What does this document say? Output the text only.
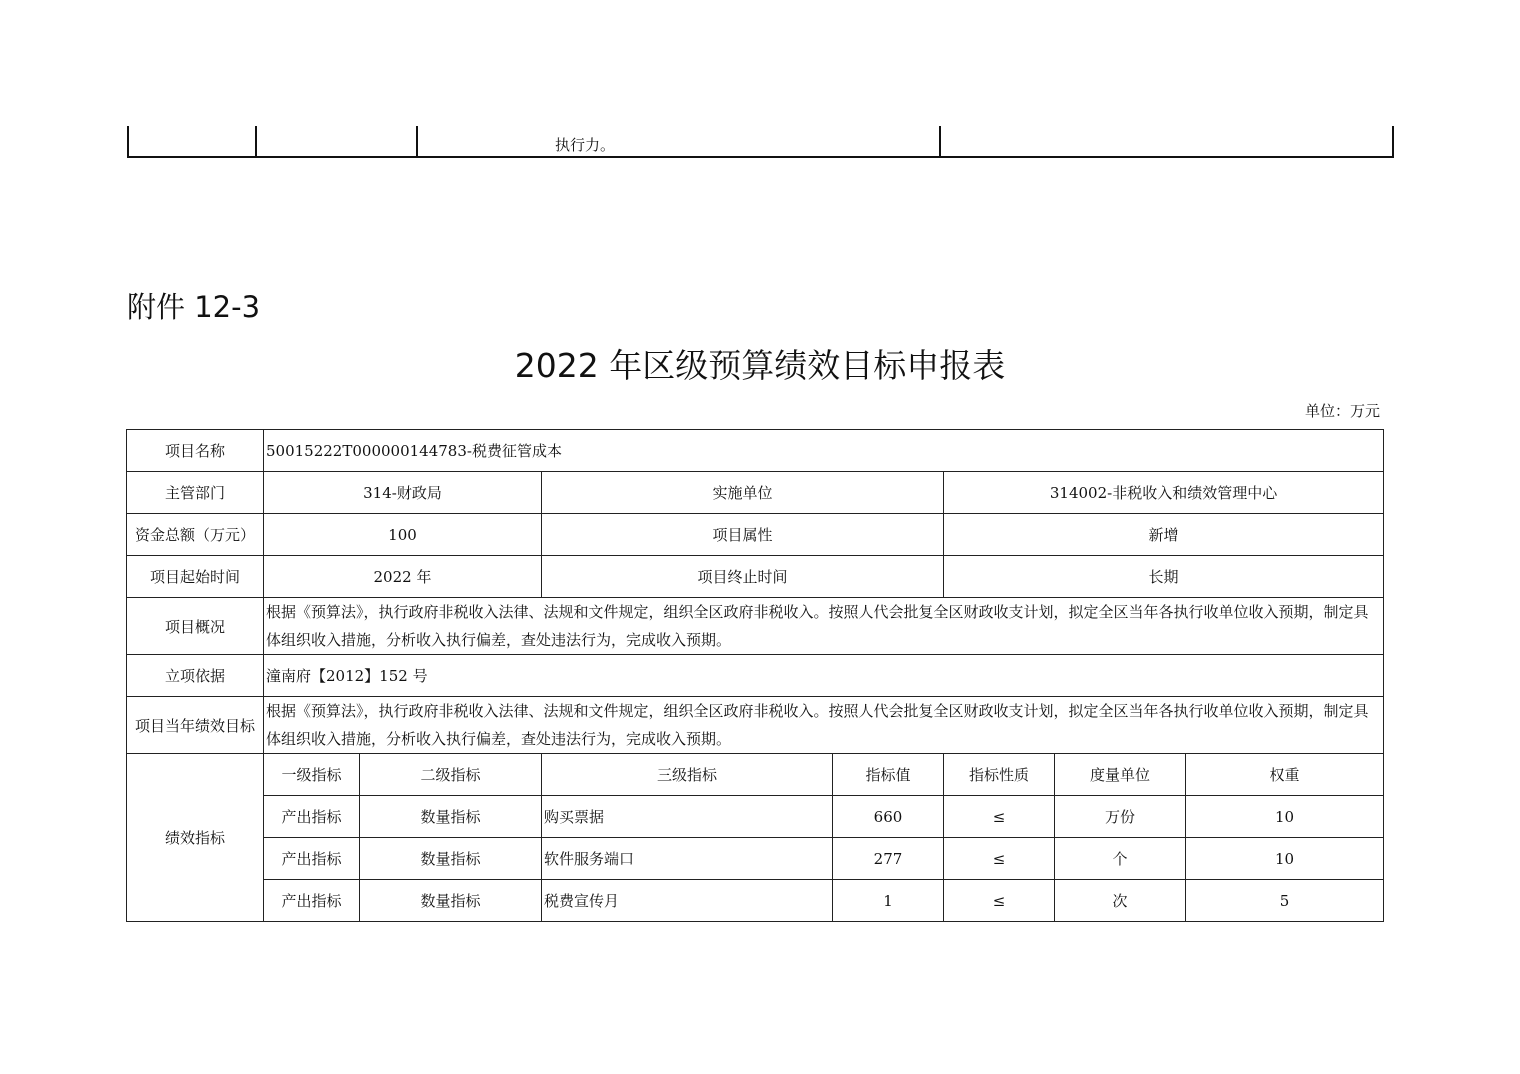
执行力。
附件 12-3
2022 年区级预算绩效目标申报表
单位：万元
项目名称	50015222T000000144783-税费征管成本						
主管部门	314-财政局		实施单位		314002-非税收入和绩效管理中心		
资金总额（万元）	100		项目属性		新增		
项目起始时间	2022 年		项目终止时间		长期		
项目概况	根据《预算法》，执行政府非税收入法律、法规和文件规定，组织全区政府非税收入。按照人代会批复全区财政收支计划，拟定全区当年各执行收单位收入预期，制定具体组织收入措施，分析收入执行偏差，查处违法行为，完成收入预期。						
立项依据	潼南府【2012】152 号						
项目当年绩效目标	根据《预算法》，执行政府非税收入法律、法规和文件规定，组织全区政府非税收入。按照人代会批复全区财政收支计划，拟定全区当年各执行收单位收入预期，制定具体组织收入措施，分析收入执行偏差，查处违法行为，完成收入预期。						
绩效指标	一级指标	二级指标	三级指标	指标值	指标性质	度量单位	权重
	产出指标	数量指标	购买票据	660	≤	万份	10
	产出指标	数量指标	软件服务端口	277	≤	个	10
	产出指标	数量指标	税费宣传月	1	≤	次	5
